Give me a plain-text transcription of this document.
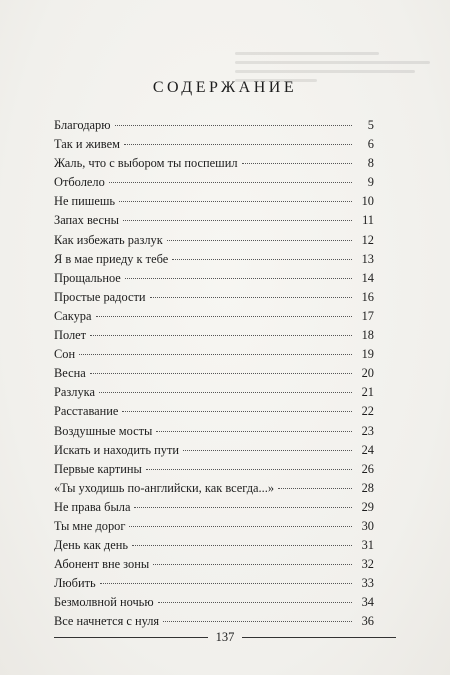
СОДЕРЖАНИЕ
Благодарю	5
Так и живем	6
Жаль, что с выбором ты поспешил	8
Отболело	9
Не пишешь	10
Запах весны	11
Как избежать разлук	12
Я в мае приеду к тебе	13
Прощальное	14
Простые радости	16
Сакура	17
Полет	18
Сон	19
Весна	20
Разлука	21
Расставание	22
Воздушные мосты	23
Искать и находить пути	24
Первые картины	26
«Ты уходишь по-английски, как всегда...»	28
Не права была	29
Ты мне дорог	30
День как день	31
Абонент вне зоны	32
Любить	33
Безмолвной ночью	34
Все начнется с нуля	36
137
